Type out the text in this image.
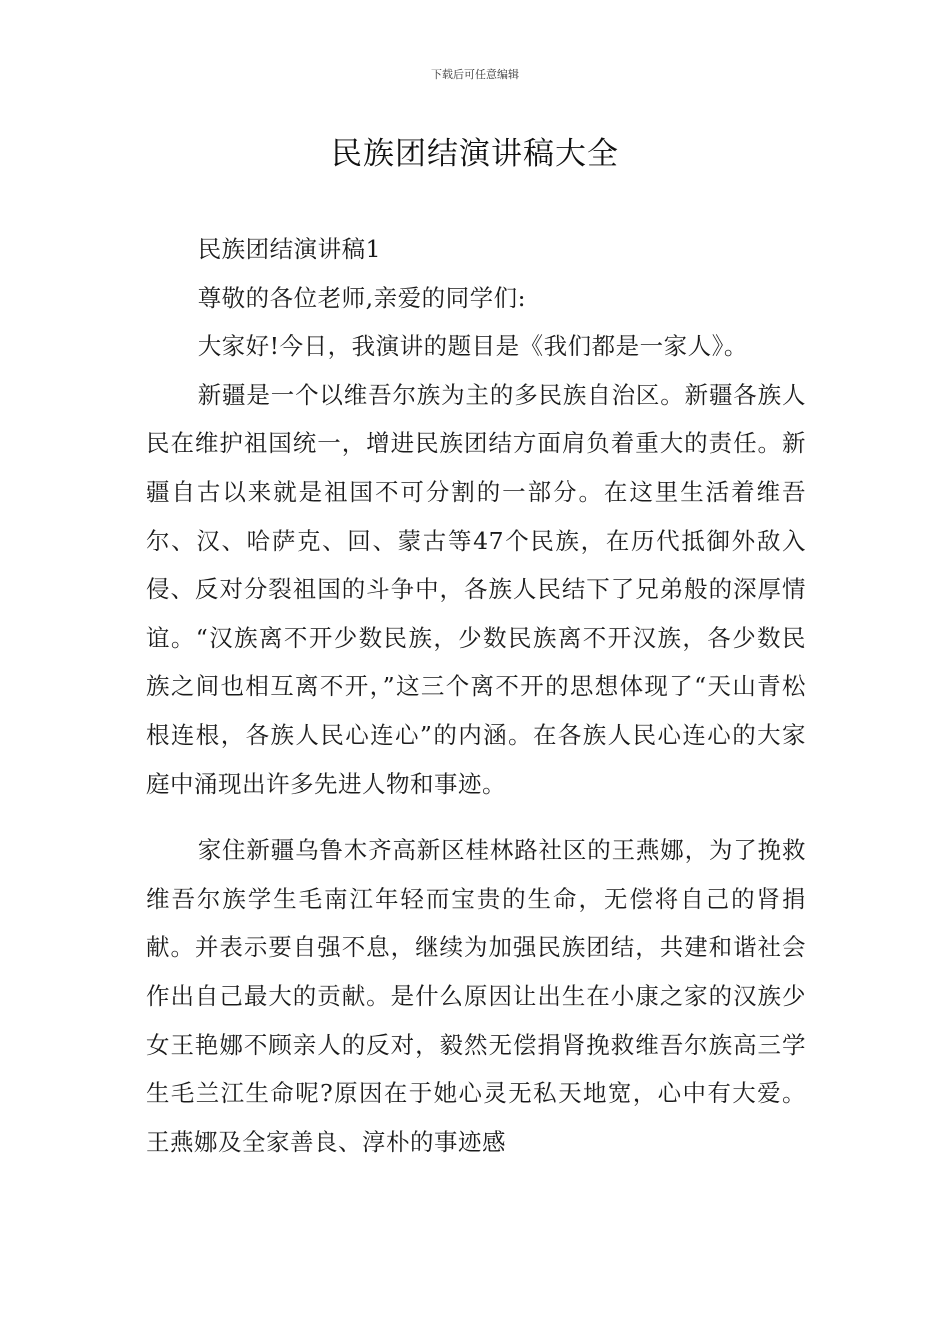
下载后可任意编辑
民族团结演讲稿大全

民族团结演讲稿1

尊敬的各位老师,亲爱的同学们:

大家好!今日，我演讲的题目是《我们都是一家人》。

新疆是一个以维吾尔族为主的多民族自治区。新疆各族人民在维护祖国统一，增进民族团结方面肩负着重大的责任。新疆自古以来就是祖国不可分割的一部分。在这里生活着维吾尔、汉、哈萨克、回、蒙古等47个民族，在历代抵御外敌入侵、反对分裂祖国的斗争中，各族人民结下了兄弟般的深厚情谊。“汉族离不开少数民族，少数民族离不开汉族，各少数民族之间也相互离不开，”这三个离不开的思想体现了“天山青松根连根，各族人民心连心”的内涵。在各族人民心连心的大家庭中涌现出许多先进人物和事迹。

家住新疆乌鲁木齐高新区桂林路社区的王燕娜，为了挽救维吾尔族学生毛南江年轻而宝贵的生命，无偿将自己的肾捐献。并表示要自强不息，继续为加强民族团结，共建和谐社会作出自己最大的贡献。是什么原因让出生在小康之家的汉族少女王艳娜不顾亲人的反对，毅然无偿捐肾挽救维吾尔族高三学生毛兰江生命呢?原因在于她心灵无私天地宽，心中有大爱。王燕娜及全家善良、淳朴的事迹感
